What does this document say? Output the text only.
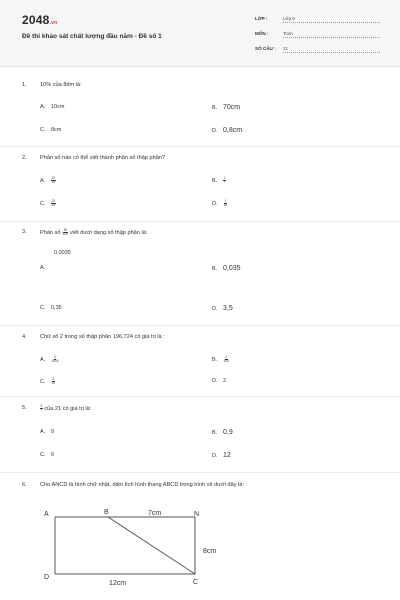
2048.vn
Đề thi khảo sát chất lượng đầu năm - Đề số 1
LỚP :	Lớp 6
MÔN :	Toán
SỐ CÂU : 21
1. 10% của 8dm là:
A. 10cm	B. 70cm
C. 8cm	D. 0,8cm
2. Phân số nào có thể viết thành phân số thập phân?
A. $\frac{12}{25}$	B. $\frac{1}{7}$
C. $\frac{13}{15}$	D. $\frac{1}{18}$
3. Phân số $\frac{35}{100}$ viết dưới dạng số thập phân là:
A.
0,0035
B. 0,035
C. 0,35	D. 3,5
4. Chữ số 2 trong số thập phân 196,724 có giá trị là :
A. $\frac{2}{1000}$	B. $\frac{2}{100}$
C. $\frac{2}{10}$	D. 2
5.	$\frac{3}{7}$ của 21 có giá trị là:
A. 9	B. 0,9
C. 6	D. 12
6. Cho ANCD là hình chữ nhật, diện tích hình thang ABCD trong hình vẽ dưới đây là:
A	B	N
C
D
7cm
8cm
12cm
